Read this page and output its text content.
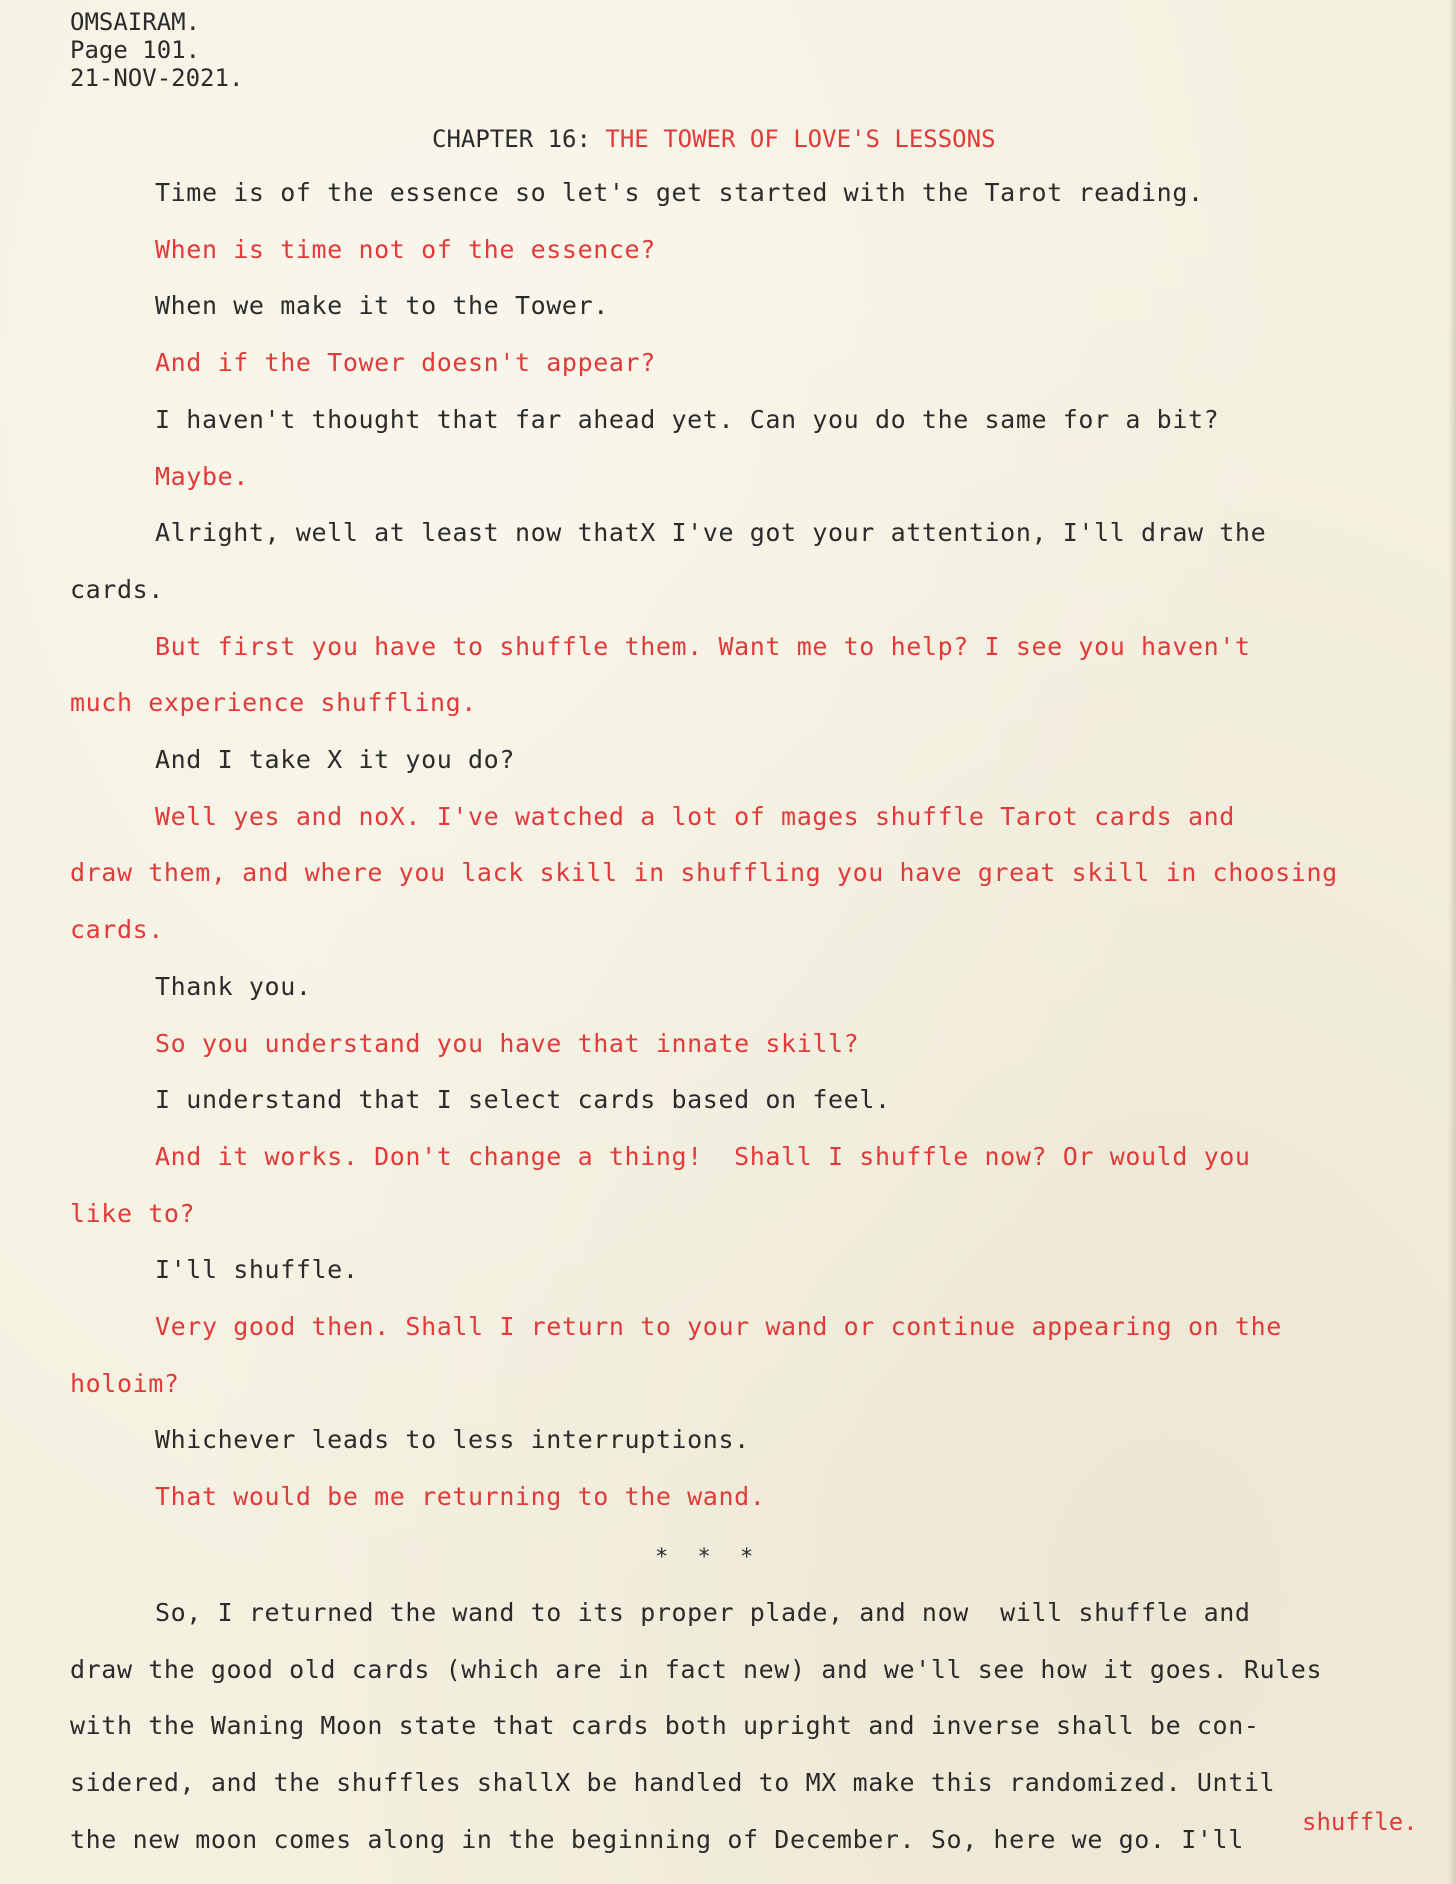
OMSAIRAM.
Page 101.
21-NOV-2021.
CHAPTER 16: THE TOWER OF LOVE'S LESSONS
Time is of the essence so let's get started with the Tarot reading.
When is time not of the essence?
When we make it to the Tower.
And if the Tower doesn't appear?
I haven't thought that far ahead yet. Can you do the same for a bit?
Maybe.
Alright, well at least now thatX I've got your attention, I'll draw the
cards.
But first you have to shuffle them. Want me to help? I see you haven't
much experience shuffling.
And I take X it you do?
Well yes and noX. I've watched a lot of mages shuffle Tarot cards and
draw them, and where you lack skill in shuffling you have great skill in choosing
cards.
Thank you.
So you understand you have that innate skill?
I understand that I select cards based on feel.
And it works. Don't change a thing!  Shall I shuffle now? Or would you
like to?
I'll shuffle.
Very good then. Shall I return to your wand or continue appearing on the
holoim?
Whichever leads to less interruptions.
That would be me returning to the wand.
* * *
So, I returned the wand to its proper plade, and now  will shuffle and
draw the good old cards (which are in fact new) and we'll see how it goes. Rules
with the Waning Moon state that cards both upright and inverse shall be con-
sidered, and the shuffles shallX be handled to MX make this randomized. Until
the new moon comes along in the beginning of December. So, here we go. I'll
shuffle.
